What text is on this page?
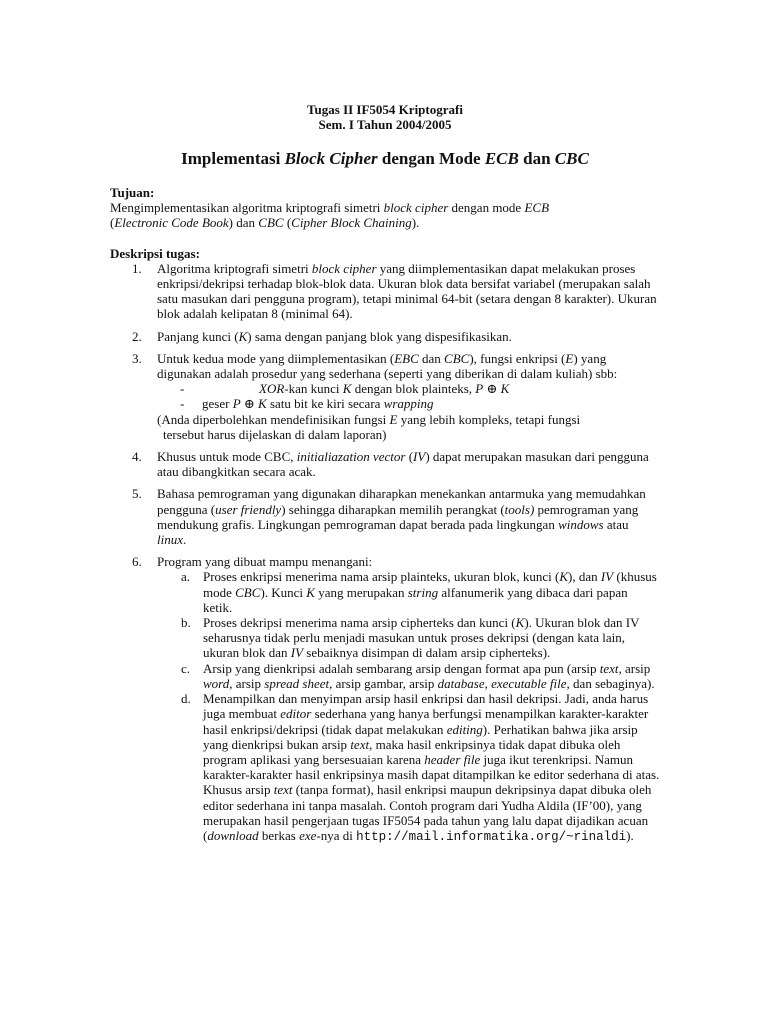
Tugas II IF5054 Kriptografi
Sem. I Tahun 2004/2005
Implementasi Block Cipher dengan Mode ECB dan CBC
Tujuan:
Mengimplementasikan algoritma kriptografi simetri block cipher dengan mode ECB
(Electronic Code Book) dan CBC (Cipher Block Chaining).
Deskripsi tugas:
1. Algoritma kriptografi simetri block cipher yang diimplementasikan dapat melakukan proses enkripsi/dekripsi terhadap blok-blok data. Ukuran blok data bersifat variabel (merupakan salah satu masukan dari pengguna program), tetapi minimal 64-bit (setara dengan 8 karakter). Ukuran blok adalah kelipatan 8 (minimal 64).
2. Panjang kunci (K) sama dengan panjang blok yang dispesifikasikan.
3. Untuk kedua mode yang diimplementasikan (EBC dan CBC), fungsi enkripsi (E) yang digunakan adalah prosedur yang sederhana (seperti yang diberikan di dalam kuliah) sbb:
-	XOR-kan kunci K dengan blok plainteks, P ⊕ K
- geser P ⊕ K satu bit ke kiri secara wrapping
(Anda diperbolehkan mendefinisikan fungsi E yang lebih kompleks, tetapi fungsi
tersebut harus dijelaskan di dalam laporan)
4. Khusus untuk mode CBC, initialiazation vector (IV) dapat merupakan masukan dari pengguna atau dibangkitkan secara acak.
5. Bahasa pemrograman yang digunakan diharapkan menekankan antarmuka yang memudahkan pengguna (user friendly) sehingga diharapkan memilih perangkat (tools) pemrograman yang mendukung grafis. Lingkungan pemrograman dapat berada pada lingkungan windows atau linux.
6. Program yang dibuat mampu menangani:
a. Proses enkripsi menerima nama arsip plainteks, ukuran blok, kunci (K), dan IV (khusus mode CBC). Kunci K yang merupakan string alfanumerik yang dibaca dari papan ketik.
b. Proses dekripsi menerima nama arsip cipherteks dan kunci (K). Ukuran blok dan IV seharusnya tidak perlu menjadi masukan untuk proses dekripsi (dengan kata lain, ukuran blok dan IV sebaiknya disimpan di dalam arsip cipherteks).
c. Arsip yang dienkripsi adalah sembarang arsip dengan format apa pun (arsip text, arsip word, arsip spread sheet, arsip gambar, arsip database, executable file, dan sebaginya).
d. Menampilkan dan menyimpan arsip hasil enkripsi dan hasil dekripsi. Jadi, anda harus juga membuat editor sederhana yang hanya berfungsi menampilkan karakter-karakter hasil enkripsi/dekripsi (tidak dapat melakukan editing). Perhatikan bahwa jika arsip yang dienkripsi bukan arsip text, maka hasil enkripsinya tidak dapat dibuka oleh program aplikasi yang bersesuaian karena header file juga ikut terenkripsi. Namun karakter-karakter hasil enkripsinya masih dapat ditampilkan ke editor sederhana di atas. Khusus arsip text (tanpa format), hasil enkripsi maupun dekripsinya dapat dibuka oleh editor sederhana ini tanpa masalah. Contoh program dari Yudha Aldila (IF’00), yang merupakan hasil pengerjaan tugas IF5054 pada tahun yang lalu dapat dijadikan acuan (download berkas exe-nya di http://mail.informatika.org/~rinaldi).
